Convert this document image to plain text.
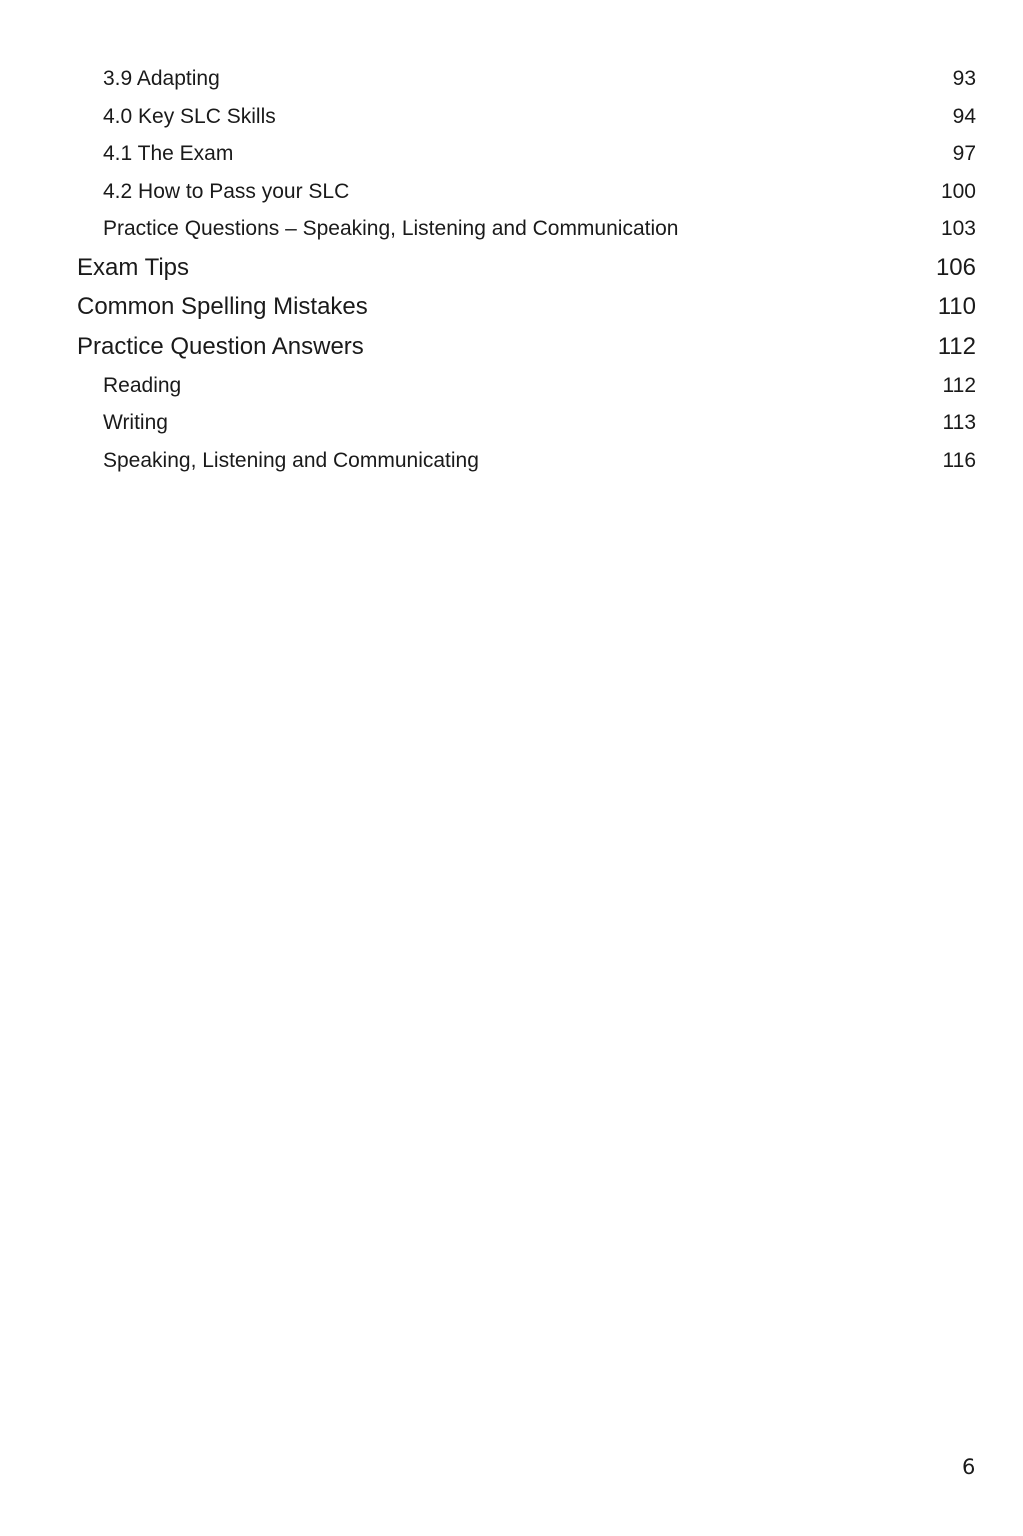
3.9 Adapting	93
4.0 Key SLC Skills	94
4.1 The Exam	97
4.2 How to Pass your SLC	100
Practice Questions – Speaking, Listening and Communication	103
Exam Tips	106
Common Spelling Mistakes	110
Practice Question Answers	112
Reading	112
Writing	113
Speaking, Listening and Communicating	116
6
